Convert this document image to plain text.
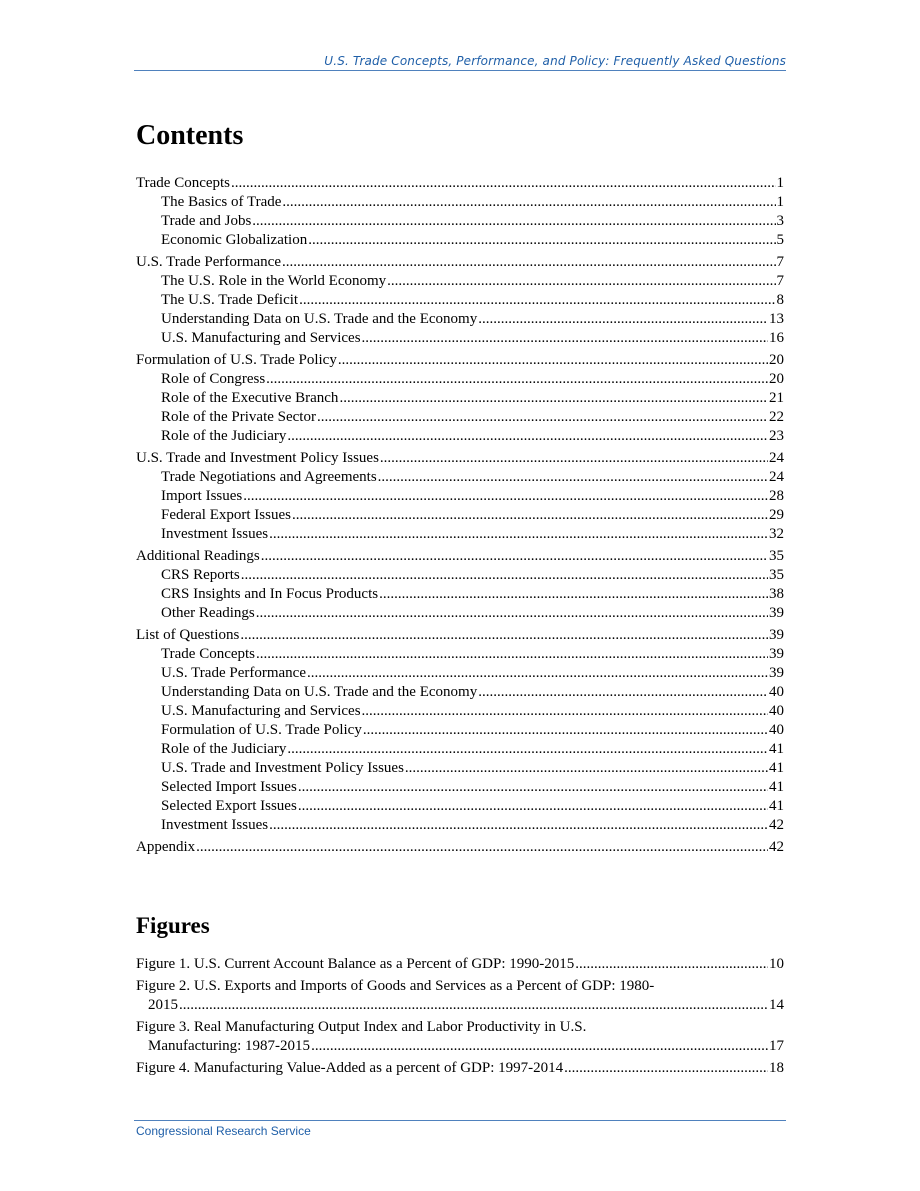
U.S. Trade Concepts, Performance, and Policy: Frequently Asked Questions
Contents
Trade Concepts .....	1
The Basics of Trade .....	1
Trade and Jobs .....	3
Economic Globalization .....	5
U.S. Trade Performance .....	7
The U.S. Role in the World Economy .....	7
The U.S. Trade Deficit .....	8
Understanding Data on U.S. Trade and the Economy .....	13
U.S. Manufacturing and Services .....	16
Formulation of U.S. Trade Policy .....	20
Role of Congress .....	20
Role of the Executive Branch .....	21
Role of the Private Sector .....	22
Role of the Judiciary .....	23
U.S. Trade and Investment Policy Issues .....	24
Trade Negotiations and Agreements .....	24
Import Issues .....	28
Federal Export Issues .....	29
Investment Issues .....	32
Additional Readings .....	35
CRS Reports .....	35
CRS Insights and In Focus Products .....	38
Other Readings .....	39
List of Questions .....	39
Trade Concepts .....	39
U.S. Trade Performance .....	39
Understanding Data on U.S. Trade and the Economy .....	40
U.S. Manufacturing and Services .....	40
Formulation of U.S. Trade Policy .....	40
Role of the Judiciary .....	41
U.S. Trade and Investment Policy Issues .....	41
Selected Import Issues .....	41
Selected Export Issues .....	41
Investment Issues .....	42
Appendix .....	42
Figures
Figure 1. U.S. Current Account Balance as a Percent of GDP: 1990-2015 .....	10
Figure 2. U.S. Exports and Imports of Goods and Services as a Percent of GDP: 1980-
2015 .....	14
Figure 3. Real Manufacturing Output Index and Labor Productivity in U.S.
Manufacturing: 1987-2015 .....	17
Figure 4. Manufacturing Value-Added as a percent of GDP: 1997-2014 .....	18
Congressional Research Service
